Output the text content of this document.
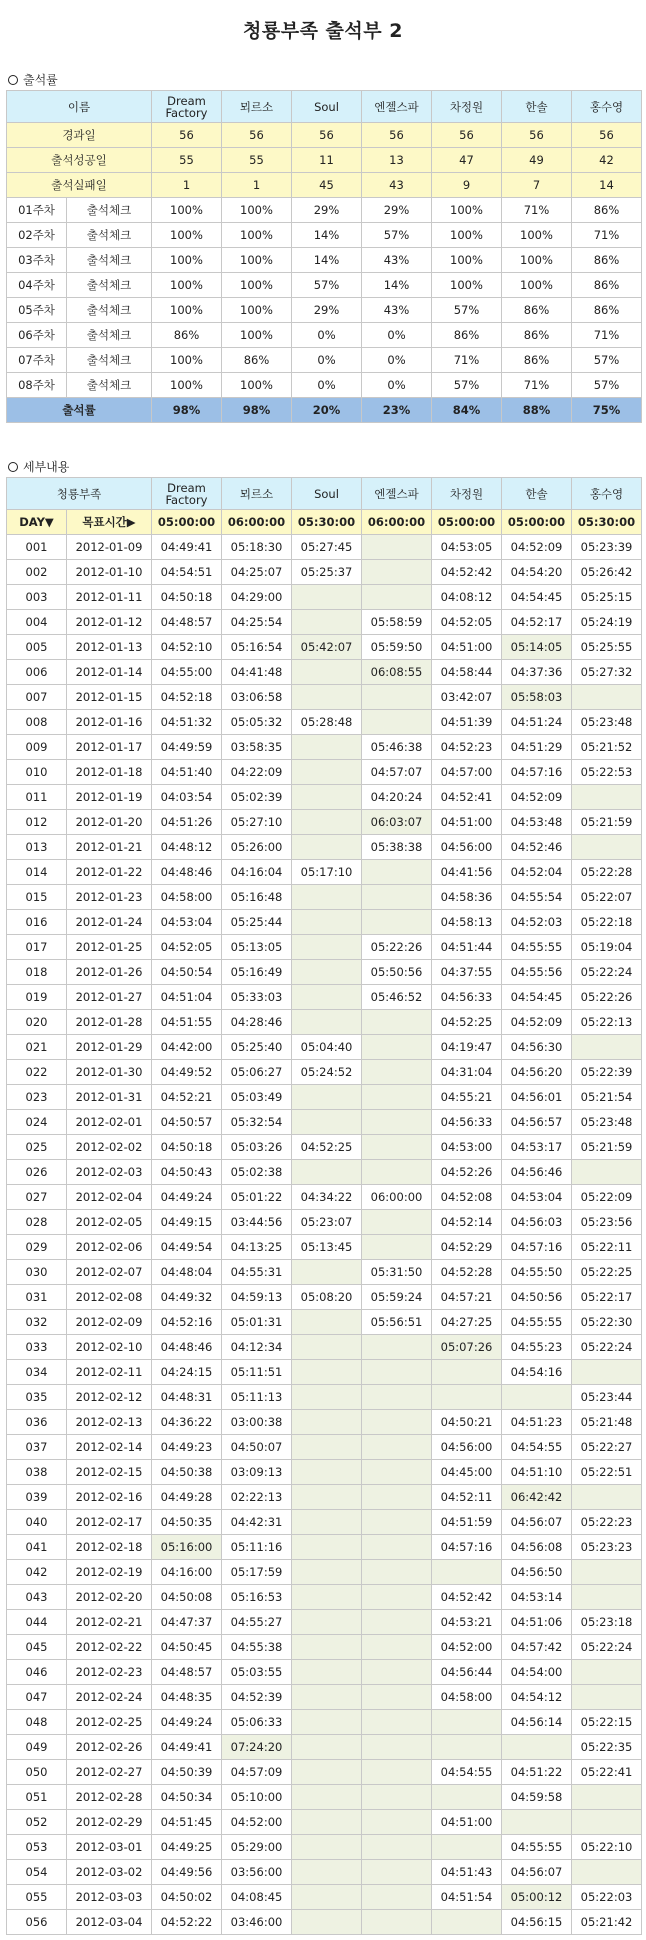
청룡부족 출석부 2
출석률
이름		Dream Factory	뫼르소	Soul	엔젤스파	차정원	한솔	홍수영
경과일		56	56	56	56	56	56	56
출석성공일		55	55	11	13	47	49	42
출석실패일		1	1	45	43	9	7	14
01주차	출석체크	100%	100%	29%	29%	100%	71%	86%
02주차	출석체크	100%	100%	14%	57%	100%	100%	71%
03주차	출석체크	100%	100%	14%	43%	100%	100%	86%
04주차	출석체크	100%	100%	57%	14%	100%	100%	86%
05주차	출석체크	100%	100%	29%	43%	57%	86%	86%
06주차	출석체크	86%	100%	0%	0%	86%	86%	71%
07주차	출석체크	100%	86%	0%	0%	71%	86%	57%
08주차	출석체크	100%	100%	0%	0%	57%	71%	57%
출석률		98%	98%	20%	23%	84%	88%	75%
세부내용
청룡부족		Dream Factory	뫼르소	Soul	엔젤스파	차정원	한솔	홍수영
DAY▼	목표시간▶	05:00:00	06:00:00	05:30:00	06:00:00	05:00:00	05:00:00	05:30:00
001	2012-01-09	04:49:41	05:18:30	05:27:45		04:53:05	04:52:09	05:23:39
002	2012-01-10	04:54:51	04:25:07	05:25:37		04:52:42	04:54:20	05:26:42
003	2012-01-11	04:50:18	04:29:00			04:08:12	04:54:45	05:25:15
004	2012-01-12	04:48:57	04:25:54		05:58:59	04:52:05	04:52:17	05:24:19
005	2012-01-13	04:52:10	05:16:54	05:42:07	05:59:50	04:51:00	05:14:05	05:25:55
006	2012-01-14	04:55:00	04:41:48		06:08:55	04:58:44	04:37:36	05:27:32
007	2012-01-15	04:52:18	03:06:58			03:42:07	05:58:03	
008	2012-01-16	04:51:32	05:05:32	05:28:48		04:51:39	04:51:24	05:23:48
009	2012-01-17	04:49:59	03:58:35		05:46:38	04:52:23	04:51:29	05:21:52
010	2012-01-18	04:51:40	04:22:09		04:57:07	04:57:00	04:57:16	05:22:53
011	2012-01-19	04:03:54	05:02:39		04:20:24	04:52:41	04:52:09	
012	2012-01-20	04:51:26	05:27:10		06:03:07	04:51:00	04:53:48	05:21:59
013	2012-01-21	04:48:12	05:26:00		05:38:38	04:56:00	04:52:46	
014	2012-01-22	04:48:46	04:16:04	05:17:10		04:41:56	04:52:04	05:22:28
015	2012-01-23	04:58:00	05:16:48			04:58:36	04:55:54	05:22:07
016	2012-01-24	04:53:04	05:25:44			04:58:13	04:52:03	05:22:18
017	2012-01-25	04:52:05	05:13:05		05:22:26	04:51:44	04:55:55	05:19:04
018	2012-01-26	04:50:54	05:16:49		05:50:56	04:37:55	04:55:56	05:22:24
019	2012-01-27	04:51:04	05:33:03		05:46:52	04:56:33	04:54:45	05:22:26
020	2012-01-28	04:51:55	04:28:46			04:52:25	04:52:09	05:22:13
021	2012-01-29	04:42:00	05:25:40	05:04:40		04:19:47	04:56:30	
022	2012-01-30	04:49:52	05:06:27	05:24:52		04:31:04	04:56:20	05:22:39
023	2012-01-31	04:52:21	05:03:49			04:55:21	04:56:01	05:21:54
024	2012-02-01	04:50:57	05:32:54			04:56:33	04:56:57	05:23:48
025	2012-02-02	04:50:18	05:03:26	04:52:25		04:53:00	04:53:17	05:21:59
026	2012-02-03	04:50:43	05:02:38			04:52:26	04:56:46	
027	2012-02-04	04:49:24	05:01:22	04:34:22	06:00:00	04:52:08	04:53:04	05:22:09
028	2012-02-05	04:49:15	03:44:56	05:23:07		04:52:14	04:56:03	05:23:56
029	2012-02-06	04:49:54	04:13:25	05:13:45		04:52:29	04:57:16	05:22:11
030	2012-02-07	04:48:04	04:55:31		05:31:50	04:52:28	04:55:50	05:22:25
031	2012-02-08	04:49:32	04:59:13	05:08:20	05:59:24	04:57:21	04:50:56	05:22:17
032	2012-02-09	04:52:16	05:01:31		05:56:51	04:27:25	04:55:55	05:22:30
033	2012-02-10	04:48:46	04:12:34			05:07:26	04:55:23	05:22:24
034	2012-02-11	04:24:15	05:11:51				04:54:16	
035	2012-02-12	04:48:31	05:11:13					05:23:44
036	2012-02-13	04:36:22	03:00:38			04:50:21	04:51:23	05:21:48
037	2012-02-14	04:49:23	04:50:07			04:56:00	04:54:55	05:22:27
038	2012-02-15	04:50:38	03:09:13			04:45:00	04:51:10	05:22:51
039	2012-02-16	04:49:28	02:22:13			04:52:11	06:42:42	
040	2012-02-17	04:50:35	04:42:31			04:51:59	04:56:07	05:22:23
041	2012-02-18	05:16:00	05:11:16			04:57:16	04:56:08	05:23:23
042	2012-02-19	04:16:00	05:17:59				04:56:50	
043	2012-02-20	04:50:08	05:16:53			04:52:42	04:53:14	
044	2012-02-21	04:47:37	04:55:27			04:53:21	04:51:06	05:23:18
045	2012-02-22	04:50:45	04:55:38			04:52:00	04:57:42	05:22:24
046	2012-02-23	04:48:57	05:03:55			04:56:44	04:54:00	
047	2012-02-24	04:48:35	04:52:39			04:58:00	04:54:12	
048	2012-02-25	04:49:24	05:06:33				04:56:14	05:22:15
049	2012-02-26	04:49:41	07:24:20					05:22:35
050	2012-02-27	04:50:39	04:57:09			04:54:55	04:51:22	05:22:41
051	2012-02-28	04:50:34	05:10:00				04:59:58	
052	2012-02-29	04:51:45	04:52:00			04:51:00		
053	2012-03-01	04:49:25	05:29:00				04:55:55	05:22:10
054	2012-03-02	04:49:56	03:56:00			04:51:43	04:56:07	
055	2012-03-03	04:50:02	04:08:45			04:51:54	05:00:12	05:22:03
056	2012-03-04	04:52:22	03:46:00				04:56:15	05:21:42
